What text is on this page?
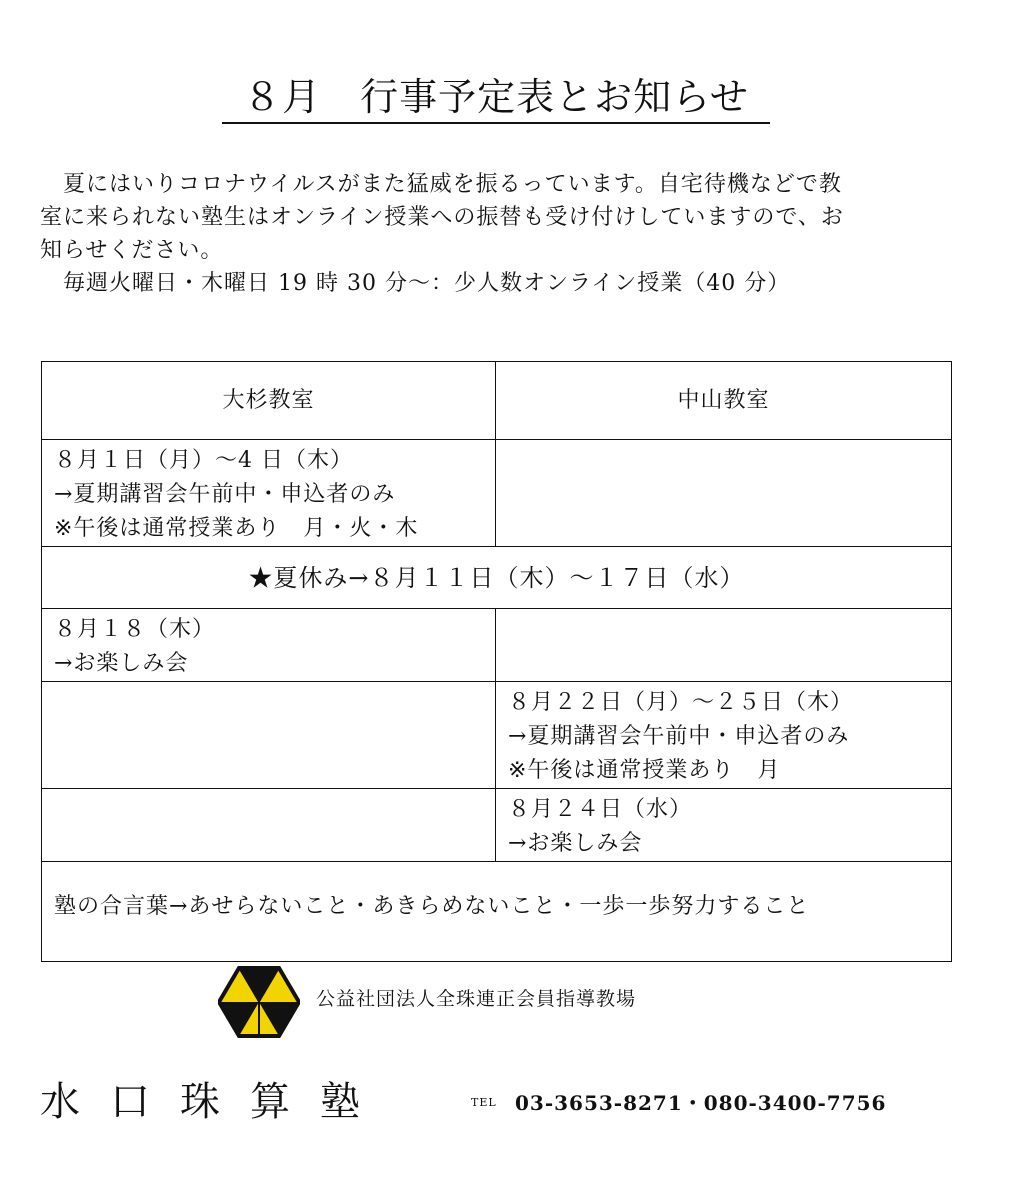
８月　行事予定表とお知らせ

　夏にはいりコロナウイルスがまた猛威を振るっています。自宅待機などで教
室に来られない塾生はオンライン授業への振替も受け付けしていますので、お
知らせください。

　毎週火曜日・木曜日 19 時 30 分～：少人数オンライン授業（40 分）

大杉教室	中山教室
８月１日（月）～4 日（木）
→夏期講習会午前中・申込者のみ
※午後は通常授業あり　月・火・木	
★夏休み→８月１１日（木）～１７日（水）	
８月１８（木）
→お楽しみ会	
	８月２２日（月）～２５日（木）
→夏期講習会午前中・申込者のみ
※午後は通常授業あり　月
	８月２４日（水）
→お楽しみ会
塾の合言葉→あせらないこと・あきらめないこと・一歩一歩努力すること	
公益社団法人全珠連正会員指導教場
水口珠算塾	TEL 03-3653-8271・080-3400-7756
